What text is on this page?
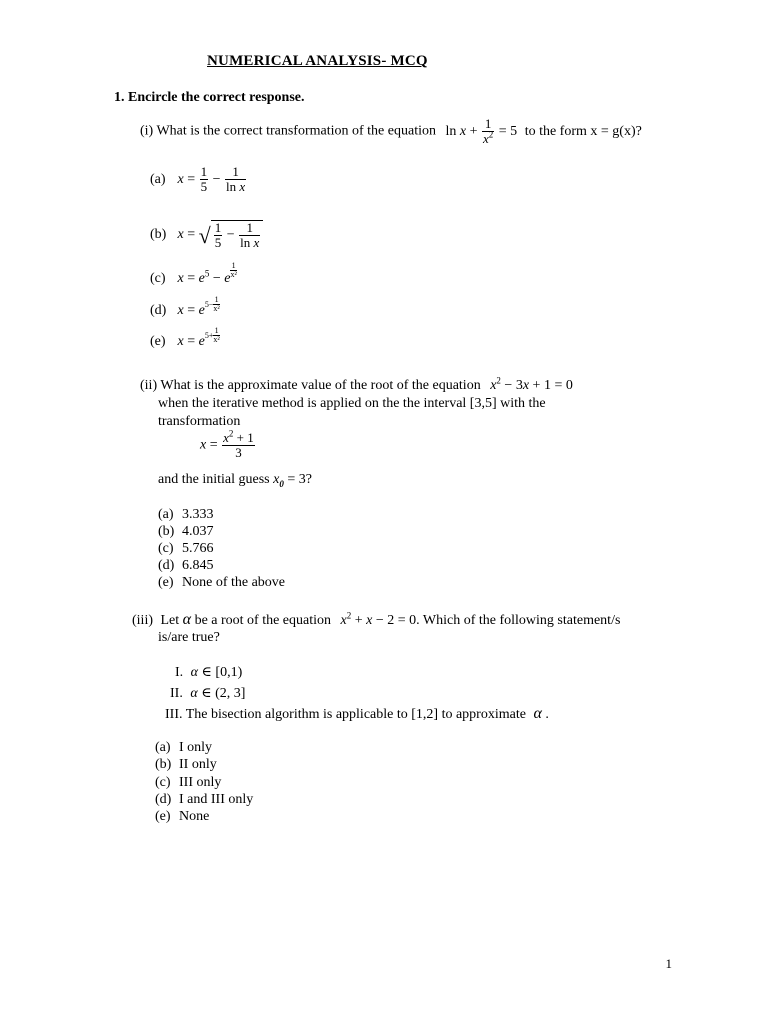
NUMERICAL ANALYSIS- MCQ
1. Encircle the correct response.
(i) What is the correct transformation of the equation $\ln x + \frac{1}{x^2} = 5$ to the form x = g(x)?
(a) $x = \frac{1}{5} - \frac{1}{\text{ln x}}$
(b) x = √ $\frac{1}{5} - \frac{1}{\text{ln x}}$
(c) $x = e^5 - e \frac{1}{\text{x²}}$
(d) $x = e5- \frac{1}{\text{x²}}$
(e) $x = e5+ \frac{1}{\text{x²}}$
(ii) What is the approximate value of the root of the equation $x^2 - 3x + 1 = 0$
when the iterative method is applied on the the interval [3,5] with the
transformation
$x = \frac{x^2 + 1}{3}$
and the initial guess $x_0 = 3$?
(a) 3.333
(b) 4.037
(c) 5.766
(d) 6.845
(e) None of the above
(iii) Let α be a root of the equation $x^2 + x - 2 = 0$. Which of the following statement/s
is/are true?
I. α ∈ [0,1)
II. α ∈ (2, 3]
III. The bisection algorithm is applicable to [1,2] to approximate α .
(a) I only
(b) II only
(c) III only
(d) I and III only
(e) None
1
